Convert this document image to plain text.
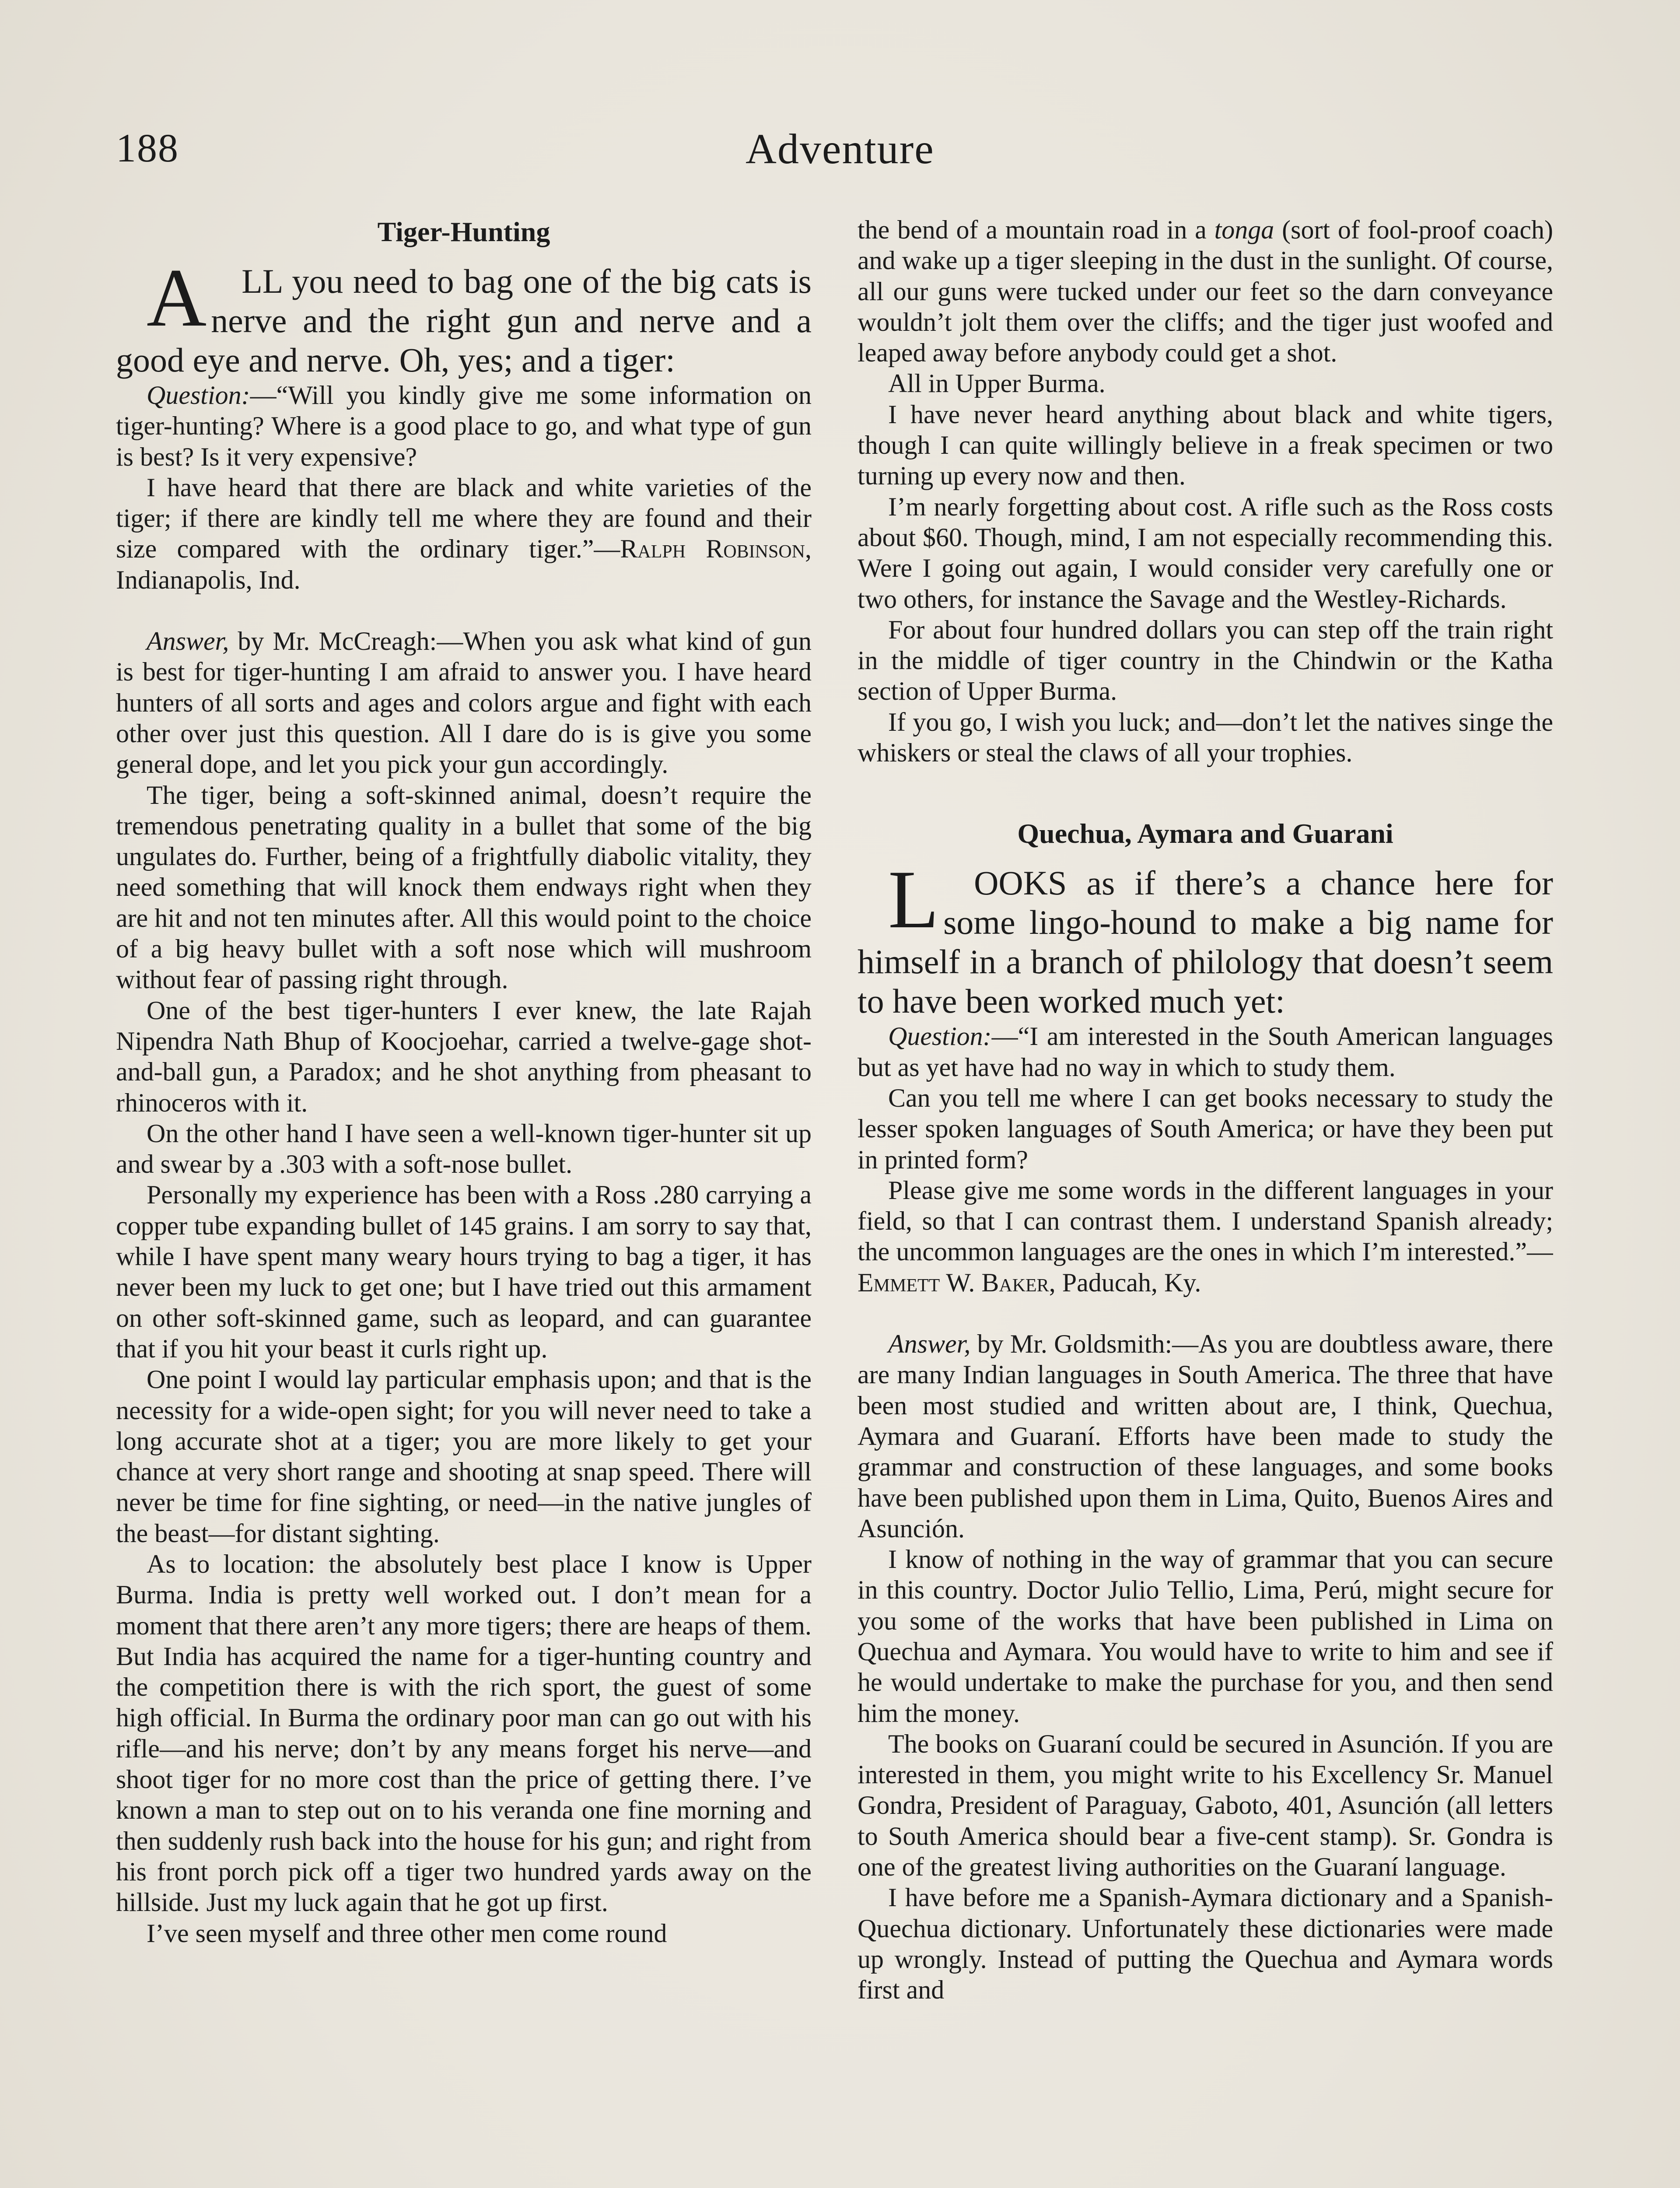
188	Adventure
Tiger-Hunting

A LL you need to bag one of the big cats is nerve and the right gun and nerve and a good eye and nerve. Oh, yes; and a tiger:

Question:—“Will you kindly give me some information on tiger-hunting? Where is a good place to go, and what type of gun is best? Is it very expensive?

I have heard that there are black and white varieties of the tiger; if there are kindly tell me where they are found and their size compared with the ordinary tiger.”—Ralph Robinson, Indianapolis, Ind.

Answer, by Mr. McCreagh:—When you ask what kind of gun is best for tiger-hunting I am afraid to answer you. I have heard hunters of all sorts and ages and colors argue and fight with each other over just this question. All I dare do is is give you some general dope, and let you pick your gun accordingly.

The tiger, being a soft-skinned animal, doesn’t require the tremendous penetrating quality in a bullet that some of the big ungulates do. Further, being of a frightfully diabolic vitality, they need something that will knock them endways right when they are hit and not ten minutes after. All this would point to the choice of a big heavy bullet with a soft nose which will mushroom without fear of passing right through.

One of the best tiger-hunters I ever knew, the late Rajah Nipendra Nath Bhup of Koocjoehar, carried a twelve-gage shot-and-ball gun, a Paradox; and he shot anything from pheasant to rhinoceros with it.

On the other hand I have seen a well-known tiger-hunter sit up and swear by a .303 with a soft-nose bullet.

Personally my experience has been with a Ross .280 carrying a copper tube expanding bullet of 145 grains. I am sorry to say that, while I have spent many weary hours trying to bag a tiger, it has never been my luck to get one; but I have tried out this armament on other soft-skinned game, such as leopard, and can guarantee that if you hit your beast it curls right up.

One point I would lay particular emphasis upon; and that is the necessity for a wide-open sight; for you will never need to take a long accurate shot at a tiger; you are more likely to get your chance at very short range and shooting at snap speed. There will never be time for fine sighting, or need—in the native jungles of the beast—for distant sighting.

As to location: the absolutely best place I know is Upper Burma. India is pretty well worked out. I don’t mean for a moment that there aren’t any more tigers; there are heaps of them. But India has acquired the name for a tiger-hunting country and the competition there is with the rich sport, the guest of some high official. In Burma the ordinary poor man can go out with his rifle—and his nerve; don’t by any means forget his nerve—and shoot tiger for no more cost than the price of getting there. I’ve known a man to step out on to his veranda one fine morning and then suddenly rush back into the house for his gun; and right from his front porch pick off a tiger two hundred yards away on the hillside. Just my luck again that he got up first.

I’ve seen myself and three other men come round

the bend of a mountain road in a tonga (sort of fool-proof coach) and wake up a tiger sleeping in the dust in the sunlight. Of course, all our guns were tucked under our feet so the darn conveyance wouldn’t jolt them over the cliffs; and the tiger just woofed and leaped away before anybody could get a shot.

All in Upper Burma.

I have never heard anything about black and white tigers, though I can quite willingly believe in a freak specimen or two turning up every now and then.

I’m nearly forgetting about cost. A rifle such as the Ross costs about $60. Though, mind, I am not especially recommending this. Were I going out again, I would consider very carefully one or two others, for instance the Savage and the Westley-Richards.

For about four hundred dollars you can step off the train right in the middle of tiger country in the Chindwin or the Katha section of Upper Burma.

If you go, I wish you luck; and—don’t let the natives singe the whiskers or steal the claws of all your trophies.

Quechua, Aymara and Guarani

L OOKS as if there’s a chance here for some lingo-hound to make a big name for himself in a branch of philology that doesn’t seem to have been worked much yet:

Question:—“I am interested in the South American languages but as yet have had no way in which to study them.

Can you tell me where I can get books necessary to study the lesser spoken languages of South America; or have they been put in printed form?

Please give me some words in the different languages in your field, so that I can contrast them. I understand Spanish already; the uncommon languages are the ones in which I’m interested.”—Emmett W. Baker, Paducah, Ky.

Answer, by Mr. Goldsmith:—As you are doubtless aware, there are many Indian languages in South America. The three that have been most studied and written about are, I think, Quechua, Aymara and Guaraní. Efforts have been made to study the grammar and construction of these languages, and some books have been published upon them in Lima, Quito, Buenos Aires and Asunción.

I know of nothing in the way of grammar that you can secure in this country. Doctor Julio Tellio, Lima, Perú, might secure for you some of the works that have been published in Lima on Quechua and Aymara. You would have to write to him and see if he would undertake to make the purchase for you, and then send him the money.

The books on Guaraní could be secured in Asunción. If you are interested in them, you might write to his Excellency Sr. Manuel Gondra, President of Paraguay, Gaboto, 401, Asunción (all letters to South America should bear a five-cent stamp). Sr. Gondra is one of the greatest living authorities on the Guaraní language.

I have before me a Spanish-Aymara dictionary and a Spanish-Quechua dictionary. Unfortunately these dictionaries were made up wrongly. Instead of putting the Quechua and Aymara words first and
